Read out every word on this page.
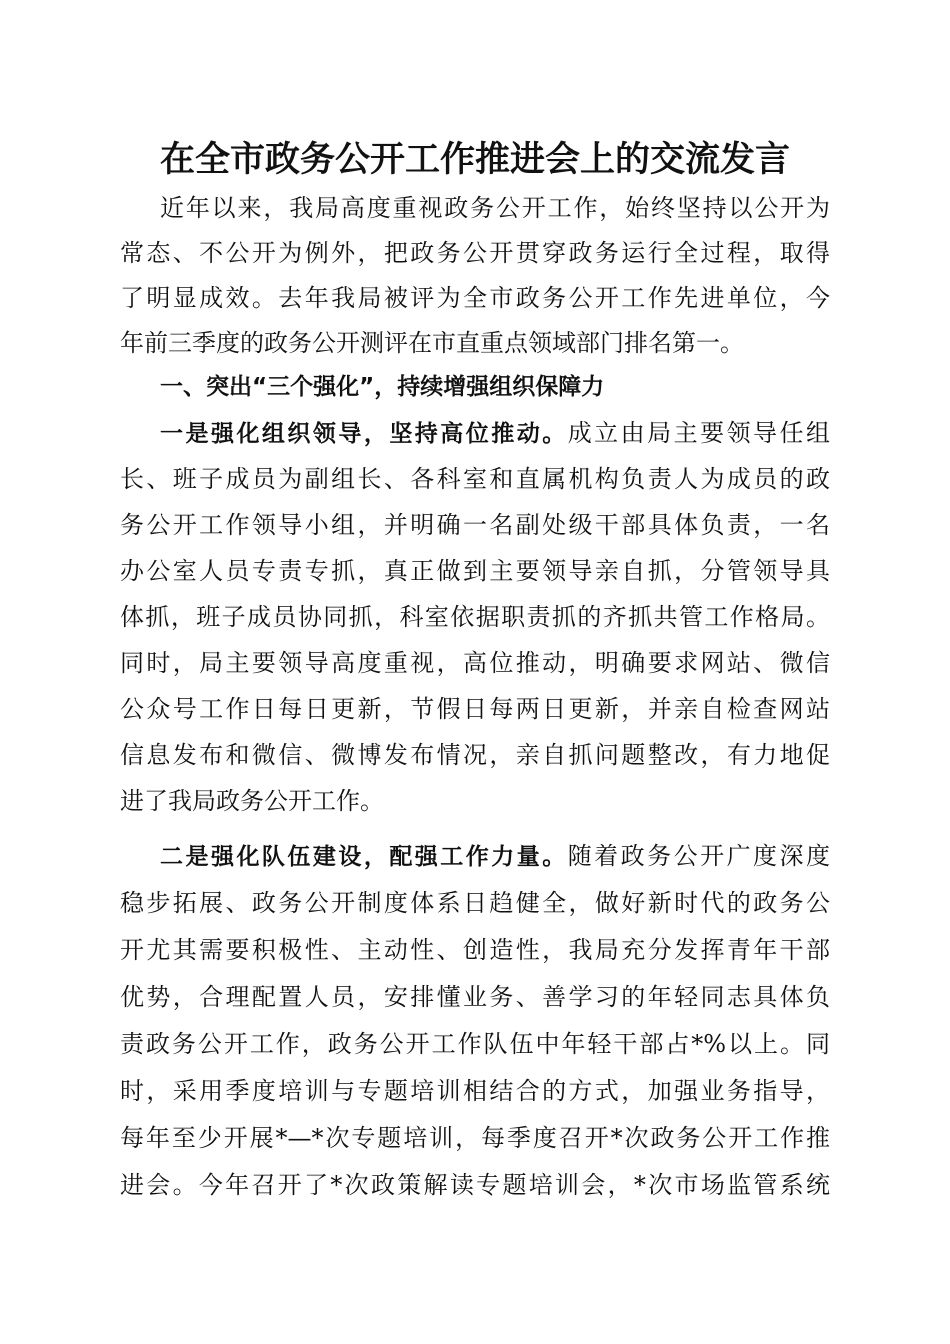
在全市政务公开工作推进会上的交流发言
近年以来，我局高度重视政务公开工作，始终坚持以公开为
常态、不公开为例外，把政务公开贯穿政务运行全过程，取得
了明显成效。去年我局被评为全市政务公开工作先进单位，今
年前三季度的政务公开测评在市直重点领域部门排名第一。
一、突出“三个强化”，持续增强组织保障力
一是强化组织领导，坚持高位推动。成立由局主要领导任组
长、班子成员为副组长、各科室和直属机构负责人为成员的政
务公开工作领导小组，并明确一名副处级干部具体负责，一名
办公室人员专责专抓，真正做到主要领导亲自抓，分管领导具
体抓，班子成员协同抓，科室依据职责抓的齐抓共管工作格局。
同时，局主要领导高度重视，高位推动，明确要求网站、微信
公众号工作日每日更新，节假日每两日更新，并亲自检查网站
信息发布和微信、微博发布情况，亲自抓问题整改，有力地促
进了我局政务公开工作。
二是强化队伍建设，配强工作力量。随着政务公开广度深度
稳步拓展、政务公开制度体系日趋健全，做好新时代的政务公
开尤其需要积极性、主动性、创造性，我局充分发挥青年干部
优势，合理配置人员，安排懂业务、善学习的年轻同志具体负
责政务公开工作，政务公开工作队伍中年轻干部占*%以上。同
时，采用季度培训与专题培训相结合的方式，加强业务指导，
每年至少开展*—*次专题培训，每季度召开*次政务公开工作推
进会。今年召开了*次政策解读专题培训会，*次市场监管系统
